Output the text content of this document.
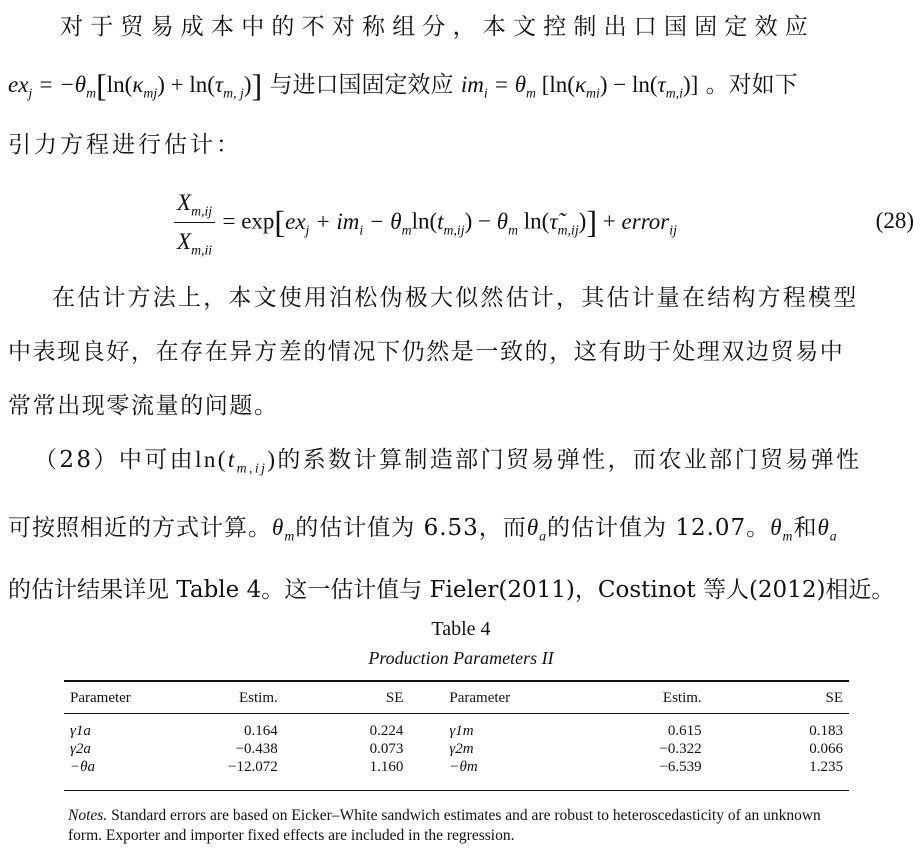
对于贸易成本中的不对称组分，本文控制出口国固定效应
$ex_j = -\theta_m[\ln(\kappa_{mj}) + \ln(\tau_{m, j})]$ 与进口国固定效应 $im_i = \theta_m$ $[\ln(\kappa_{mi}) - \ln(\tau_{m,i})]$ 。对如下
引力方程进行估计：
$\frac{X_{m,ij}}{X_{m,ii}} = \exp[ex_j + im_i - \theta_m\ln(t_{m,ij}) - \theta_m$ $\ln(\taũ_{m,ij})$] + error$_{ij}$	(28)
在估计方法上，本文使用泊松伪极大似然估计，其估计量在结构方程模型
中表现良好，在存在异方差的情况下仍然是一致的，这有助于处理双边贸易中
常常出现零流量的问题。
（28）中可由$\ln(t_{m,ij})$的系数计算制造部门贸易弹性，而农业部门贸易弹性
可按照相近的方式计算。$\theta_m$的估计值为 6.53，而$\theta_a$的估计值为 12.07。$\theta_m$和$\theta_a$
的估计结果详见 Table 4。这一估计值与 Fieler(2011)，Costinot 等人(2012)相近。
Table 4
Production Parameters II
Parameter	Estim.	SE	Parameter	Estim.	SE
γ1a	0.164	0.224	γ1m	0.615	0.183
γ2a	−0.438	0.073	γ2m	−0.322	0.066
−θa	−12.072	1.160	−θm	−6.539	1.235
Notes. Standard errors are based on Eicker–White sandwich estimates and are robust to heteroscedasticity of an unknown form. Exporter and importer fixed effects are included in the regression.
